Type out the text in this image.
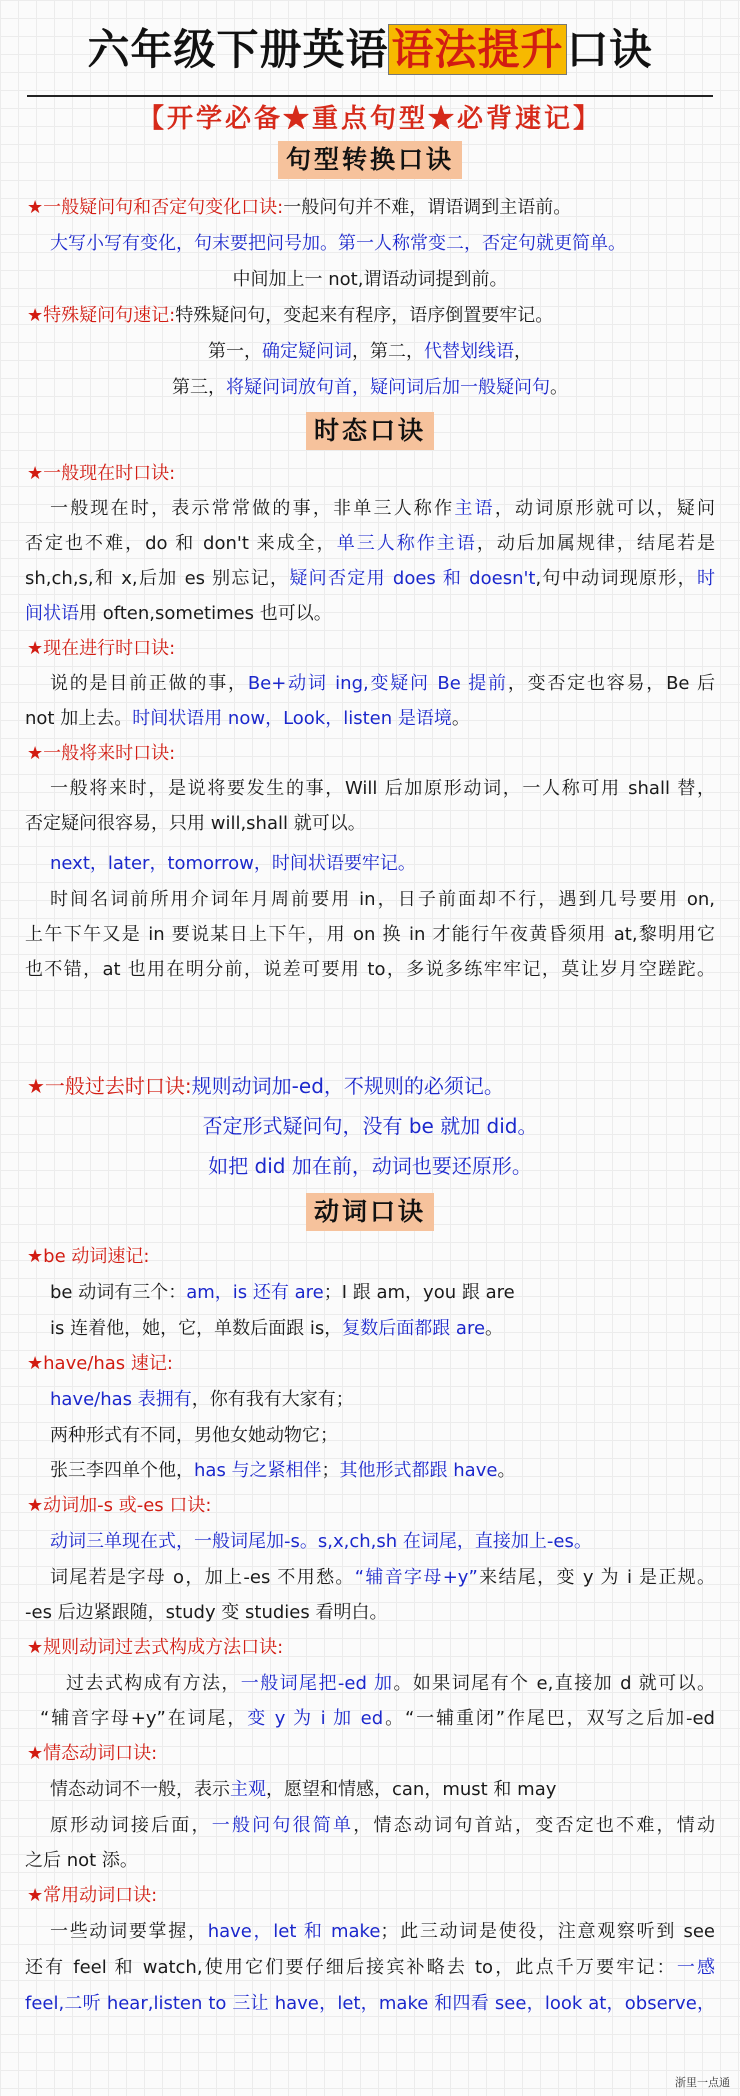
六年级下册英语语法提升口诀
【开学必备★重点句型★必背速记】
句型转换口诀
★一般疑问句和否定句变化口诀:一般问句并不难，谓语调到主语前。
大写小写有变化，句末要把问号加。第一人称常变二，否定句就更简单。
中间加上一 not,谓语动词提到前。
★特殊疑问句速记:特殊疑问句，变起来有程序，语序倒置要牢记。
第一，确定疑问词，第二，代替划线语，
第三，将疑问词放句首，疑问词后加一般疑问句。
时态口诀
★一般现在时口诀:
一般现在时，表示常常做的事，非单三人称作主语，动词原形就可以，疑问
否定也不难，do 和 don't 来成全，单三人称作主语，动后加属规律，结尾若是
sh,ch,s,和 x,后加 es 别忘记，疑问否定用 does 和 doesn't,句中动词现原形，时
间状语用 often,sometimes 也可以。
★现在进行时口诀:
说的是目前正做的事，Be+动词 ing,变疑问 Be 提前，变否定也容易，Be 后
not 加上去。时间状语用 now，Look，listen 是语境。
★一般将来时口诀:
一般将来时，是说将要发生的事，Will 后加原形动词，一人称可用 shall 替，
否定疑问很容易，只用 will,shall 就可以。
next，later，tomorrow，时间状语要牢记。
时间名词前所用介词年月周前要用 in，日子前面却不行，遇到几号要用 on,
上午下午又是 in 要说某日上下午，用 on 换 in 才能行午夜黄昏须用 at,黎明用它
也不错，at 也用在明分前，说差可要用 to，多说多练牢牢记，莫让岁月空蹉跎。
★一般过去时口诀:规则动词加-ed，不规则的必须记。
否定形式疑问句，没有 be 就加 did。
如把 did 加在前，动词也要还原形。
动词口诀
★be 动词速记:
be 动词有三个：am，is 还有 are；I 跟 am，you 跟 are
is 连着他，她，它，单数后面跟 is，复数后面都跟 are。
★have/has 速记:
have/has 表拥有，你有我有大家有；
两种形式有不同，男他女她动物它；
张三李四单个他，has 与之紧相伴；其他形式都跟 have。
★动词加-s 或-es 口诀:
动词三单现在式，一般词尾加-s。s,x,ch,sh 在词尾，直接加上-es。
词尾若是字母 o，加上-es 不用愁。“辅音字母+y”来结尾，变 y 为 i 是正规。
-es 后边紧跟随，study 变 studies 看明白。
★规则动词过去式构成方法口诀:
过去式构成有方法，一般词尾把-ed 加。如果词尾有个 e,直接加 d 就可以。
“辅音字母+y”在词尾，变 y 为 i 加 ed。“一辅重闭”作尾巴，双写之后加-ed
★情态动词口诀:
情态动词不一般，表示主观，愿望和情感，can，must 和 may
原形动词接后面，一般问句很简单，情态动词句首站，变否定也不难，情动
之后 not 添。
★常用动词口诀:
一些动词要掌握，have，let 和 make；此三动词是使役，注意观察听到 see
还有 feel 和 watch,使用它们要仔细后接宾补略去 to，此点千万要牢记：一感
feel,二听 hear,listen to 三让 have，let，make 和四看 see，look at，observe，
浙里一点通
